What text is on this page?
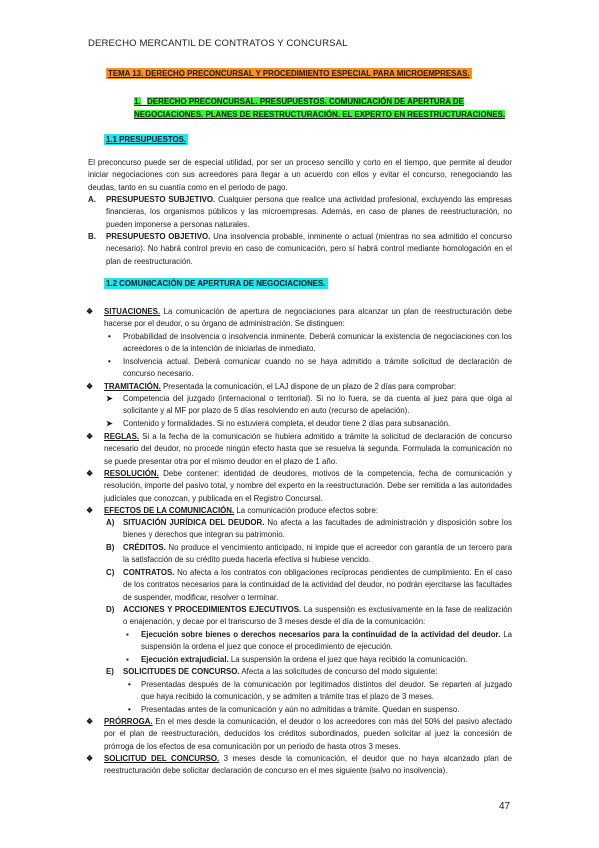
DERECHO MERCANTIL DE CONTRATOS Y CONCURSAL
TEMA 13. DERECHO PRECONCURSAL Y PROCEDIMIENTO ESPECIAL PARA MICROEMPRESAS.
1. DERECHO PRECONCURSAL. PRESUPUESTOS. COMUNICACIÓN DE APERTURA DE NEGOCIACIONES. PLANES DE REESTRUCTURACIÓN. EL EXPERTO EN REESTRUCTURACIONES.
1.1 PRESUPUESTOS.
El preconcurso puede ser de especial utilidad, por ser un proceso sencillo y corto en el tiempo, que permite al deudor iniciar negociaciones con sus acreedores para llegar a un acuerdo con ellos y evitar el concurso, renegociando las deudas, tanto en su cuantía como en el periodo de pago.
A. PRESUPUESTO SUBJETIVO. Cualquier persona que realice una actividad profesional, excluyendo las empresas financieras, los organismos públicos y las microempresas. Además, en caso de planes de reestructuración, no pueden imponerse a personas naturales.
B. PRESUPUESTO OBJETIVO. Una insolvencia probable, inminente o actual (mientras no sea admitido el concurso necesario). No habrá control previo en caso de comunicación, pero sí habrá control mediante homologación en el plan de reestructuración.
1.2 COMUNICACIÓN DE APERTURA DE NEGOCIACIONES.
❖ SITUACIONES. La comunicación de apertura de negociaciones para alcanzar un plan de reestructuración debe hacerse por el deudor, o su órgano de administración. Se distinguen:
• Probabilidad de insolvencia o insolvencia inminente. Deberá comunicar la existencia de negociaciones con los acreedores o de la intención de iniciarlas de inmediato.
• Insolvencia actual. Deberá comunicar cuando no se haya admitido a trámite solicitud de declaración de concurso necesario.
❖ TRAMITACIÓN. Presentada la comunicación, el LAJ dispone de un plazo de 2 días para comprobar:
➤ Competencia del juzgado (internacional o territorial). Si no lo fuera, se da cuenta al juez para que oiga al solicitante y al MF por plazo de 5 días resolviendo en auto (recurso de apelación).
➤ Contenido y formalidades. Si no estuviera completa, el deudor tiene 2 días para subsanación.
❖ REGLAS. Si a la fecha de la comunicación se hubiera admitido a trámite la solicitud de declaración de concurso necesario del deudor, no procede ningún efecto hasta que se resuelva la segunda. Formulada la comunicación no se puede presentar otra por el mismo deudor en el plazo de 1 año.
❖ RESOLUCIÓN. Debe contener: identidad de deudores, motivos de la competencia, fecha de comunicación y resolución, importe del pasivo total, y nombre del experto en la reestructuración. Debe ser remitida a las autoridades judiciales que conozcan, y publicada en el Registro Concursal.
❖ EFECTOS DE LA COMUNICACIÓN. La comunicación produce efectos sobre:
A) SITUACIÓN JURÍDICA DEL DEUDOR. No afecta a las facultades de administración y disposición sobre los bienes y derechos que integran su patrimonio.
B) CRÉDITOS. No produce el vencimiento anticipado, ni impide que el acreedor con garantía de un tercero para la satisfacción de su crédito pueda hacerla efectiva si hubiese vencido.
C) CONTRATOS. No afecta a los contratos con obligaciones recíprocas pendientes de cumplimiento. En el caso de los contratos necesarios para la continuidad de la actividad del deudor, no podrán ejercitarse las facultades de suspender, modificar, resolver o terminar.
D) ACCIONES Y PROCEDIMIENTOS EJECUTIVOS. La suspensión es exclusivamente en la fase de realización o enajenación, y decae por el transcurso de 3 meses desde el día de la comunicación:
▪ Ejecución sobre bienes o derechos necesarios para la continuidad de la actividad del deudor. La suspensión la ordena el juez que conoce el procedimiento de ejecución.
▪ Ejecución extrajudicial. La suspensión la ordena el juez que haya recibido la comunicación.
E) SOLICITUDES DE CONCURSO. Afecta a las solicitudes de concurso del modo siguiente:
• Presentadas después de la comunicación por legitimados distintos del deudor. Se reparten al juzgado que haya recibido la comunicación, y se admiten a trámite tras el plazo de 3 meses.
• Presentadas antes de la comunicación y aún no admitidas a trámite. Quedan en suspenso.
❖ PRÓRROGA. En el mes desde la comunicación, el deudor o los acreedores con más del 50% del pasivo afectado por el plan de reestructuración, deducidos los créditos subordinados, pueden solicitar al juez la concesión de prórroga de los efectos de esa comunicación por un periodo de hasta otros 3 meses.
❖ SOLICITUD DEL CONCURSO. 3 meses desde la comunicación, el deudor que no haya alcanzado plan de reestructuración debe solicitar declaración de concurso en el mes siguiente (salvo no insolvencia).
47
